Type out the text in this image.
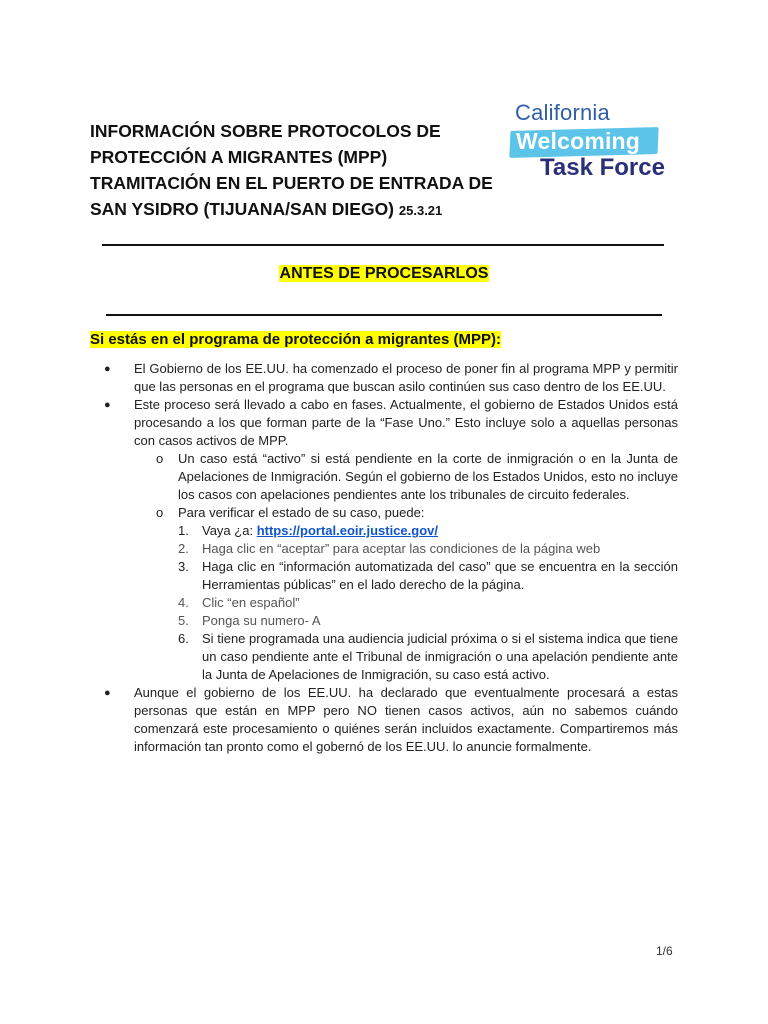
INFORMACIÓN SOBRE PROTOCOLOS DE
PROTECCIÓN A MIGRANTES (MPP)
TRAMITACIÓN EN EL PUERTO DE ENTRADA DE
SAN YSIDRO (TIJUANA/SAN DIEGO) 25.3.21
California
Welcoming
Task Force
ANTES DE PROCESARLOS
Si estás en el programa de protección a migrantes (MPP):
● El Gobierno de los EE.UU. ha comenzado el proceso de poner fin al programa MPP y permitir que las personas en el programa que buscan asilo continúen sus caso dentro de los EE.UU.
● Este proceso será llevado a cabo en fases. Actualmente, el gobierno de Estados Unidos está procesando a los que forman parte de la “Fase Uno.” Esto incluye solo a aquellas personas con casos activos de MPP.
o Un caso está “activo” si está pendiente en la corte de inmigración o en la Junta de Apelaciones de Inmigración. Según el gobierno de los Estados Unidos, esto no incluye los casos con apelaciones pendientes ante los tribunales de circuito federales.
o Para verificar el estado de su caso, puede:
1. Vaya ¿a: https://portal.eoir.justice.gov/
2. Haga clic en “aceptar” para aceptar las condiciones de la página web
3. Haga clic en “información automatizada del caso” que se encuentra en la sección Herramientas públicas” en el lado derecho de la página.
4. Clic “en español”
5. Ponga su numero- A
6. Si tiene programada una audiencia judicial próxima o si el sistema indica que tiene un caso pendiente ante el Tribunal de inmigración o una apelación pendiente ante la Junta de Apelaciones de Inmigración, su caso está activo.
● Aunque el gobierno de los EE.UU. ha declarado que eventualmente procesará a estas personas que están en MPP pero NO tienen casos activos, aún no sabemos cuándo comenzará este procesamiento o quiénes serán incluidos exactamente. Compartiremos más información tan pronto como el gobernó de los EE.UU. lo anuncie formalmente.
1/6
